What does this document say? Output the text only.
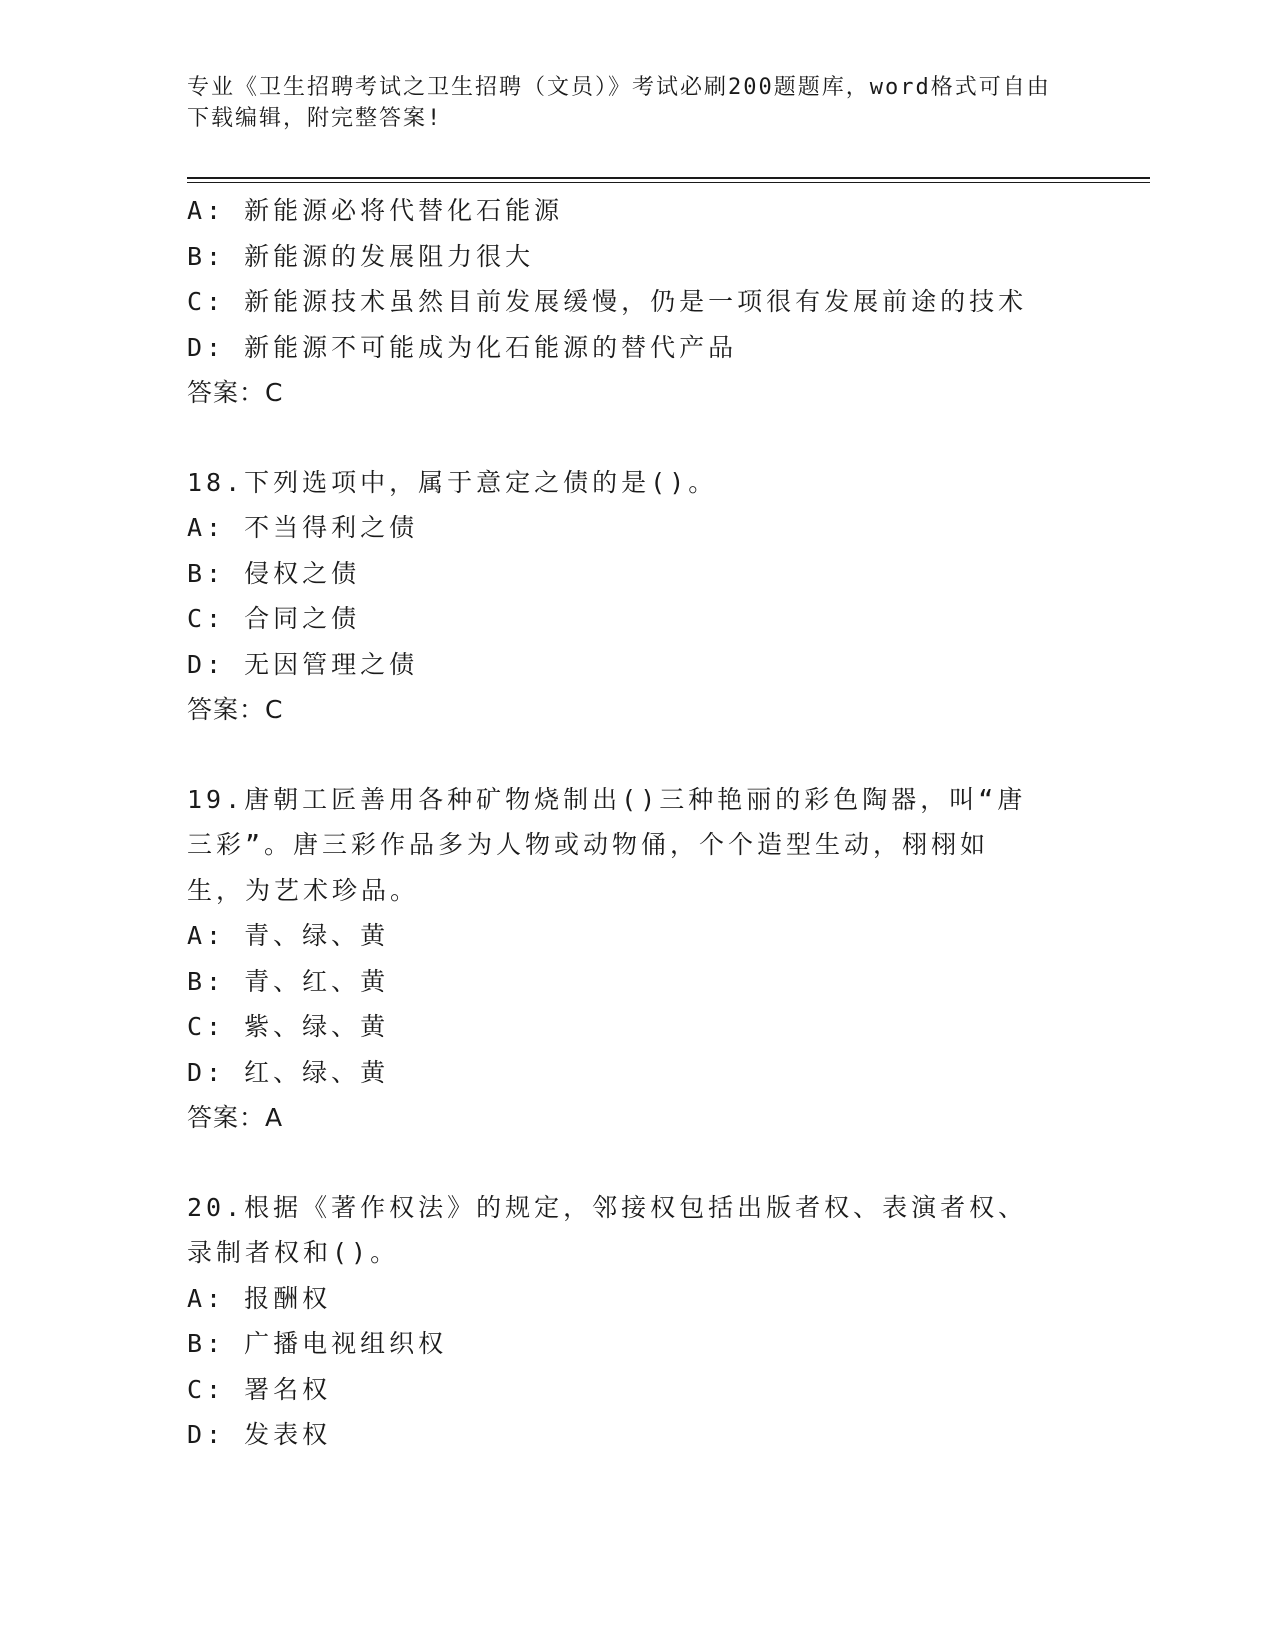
专业《卫生招聘考试之卫生招聘（文员）》考试必刷200题题库，word格式可自由下载编辑，附完整答案!
A: 新能源必将代替化石能源
B: 新能源的发展阻力很大
C: 新能源技术虽然目前发展缓慢，仍是一项很有发展前途的技术
D: 新能源不可能成为化石能源的替代产品
答案：C
18.下列选项中，属于意定之债的是()。
A: 不当得利之债
B: 侵权之债
C: 合同之债
D: 无因管理之债
答案：C
19.唐朝工匠善用各种矿物烧制出()三种艳丽的彩色陶器，叫“唐三彩”。唐三彩作品多为人物或动物俑，个个造型生动，栩栩如生，为艺术珍品。
A: 青、绿、黄
B: 青、红、黄
C: 紫、绿、黄
D: 红、绿、黄
答案：A
20.根据《著作权法》的规定，邻接权包括出版者权、表演者权、录制者权和()。
A: 报酬权
B: 广播电视组织权
C: 署名权
D: 发表权
